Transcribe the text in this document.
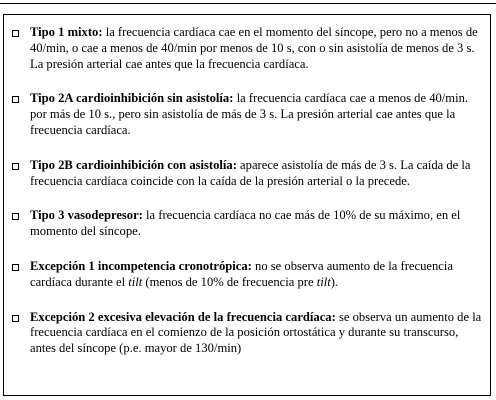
Tipo 1 mixto: la frecuencia cardíaca cae en el momento del síncope, pero no a menos de 40/min, o cae a menos de 40/min por menos de 10 s, con o sin asistolía de menos de 3 s. La presión arterial cae antes que la frecuencia cardíaca.
Tipo 2A cardioinhibición sin asistolía: la frecuencia cardíaca cae a menos de 40/min. por más de 10 s., pero sin asistolía de más de 3 s. La presión arterial cae antes que la frecuencia cardíaca.
Tipo 2B cardioinhibición con asistolía: aparece asistolía de más de 3 s. La caída de la frecuencia cardíaca coincide con la caída de la presión arterial o la precede.
Tipo 3 vasodepresor: la frecuencia cardíaca no cae más de 10% de su máximo, en el momento del síncope.
Excepción 1 incompetencia cronotrópica: no se observa aumento de la frecuencia cardíaca durante el tilt (menos de 10% de frecuencia pre tilt).
Excepción 2 excesiva elevación de la frecuencia cardíaca: se observa un aumento de la frecuencia cardíaca en el comienzo de la posición ortostática y durante su transcurso, antes del síncope (p.e. mayor de 130/min)
